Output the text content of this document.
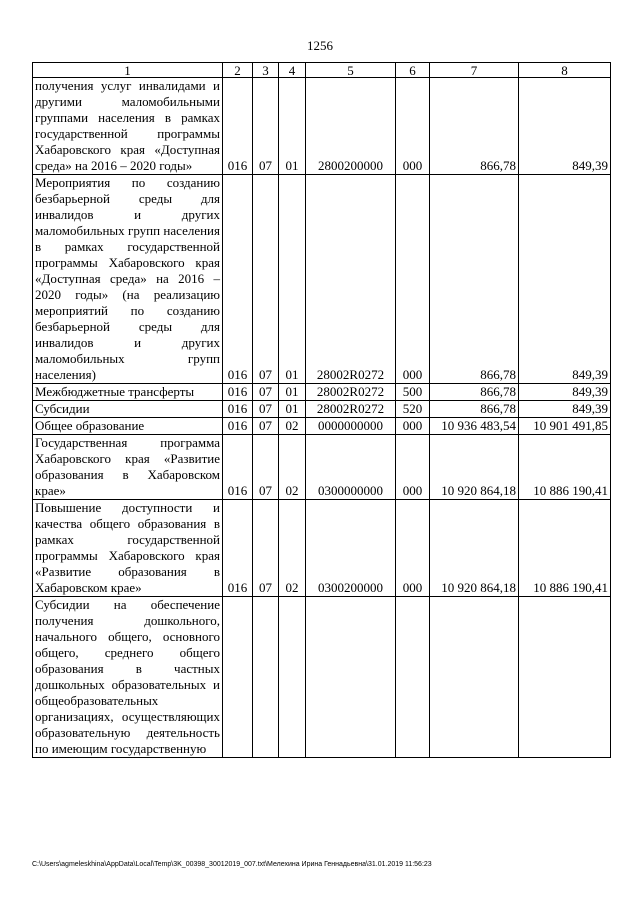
1256
1	2	3	4	5	6	7	8
получения услуг инвалидами и другими маломобильными группами населения в рамках государственной программы Хабаровского края «Доступная среда» на 2016 – 2020 годы»	016	07	01	2800200000	000	866,78	849,39
Мероприятия по созданию безбарьерной среды для инвалидов и других маломобильных групп населения в рамках государственной программы Хабаровского края «Доступная среда» на 2016 – 2020 годы» (на реализацию мероприятий по созданию безбарьерной среды для инвалидов и других маломобильных групп населения)	016	07	01	28002R0272	000	866,78	849,39
Межбюджетные трансферты	016	07	01	28002R0272	500	866,78	849,39
Субсидии	016	07	01	28002R0272	520	866,78	849,39
Общее образование	016	07	02	0000000000	000	10 936 483,54	10 901 491,85
Государственная программа Хабаровского края «Развитие образования в Хабаровском крае»	016	07	02	0300000000	000	10 920 864,18	10 886 190,41
Повышение доступности и качества общего образования в рамках государственной программы Хабаровского края «Развитие образования в Хабаровском крае»	016	07	02	0300200000	000	10 920 864,18	10 886 190,41
Субсидии на обеспечение получения дошкольного, начального общего, основного общего, среднего общего образования в частных дошкольных образовательных и общеобразовательных организациях, осуществляющих образовательную деятельность по имеющим государственную							
C:\Users\agmeleskhina\AppData\Local\Temp\3K_00398_30012019_007.txt\Мелехина Ирина Геннадьевна\31.01.2019 11:56:23
